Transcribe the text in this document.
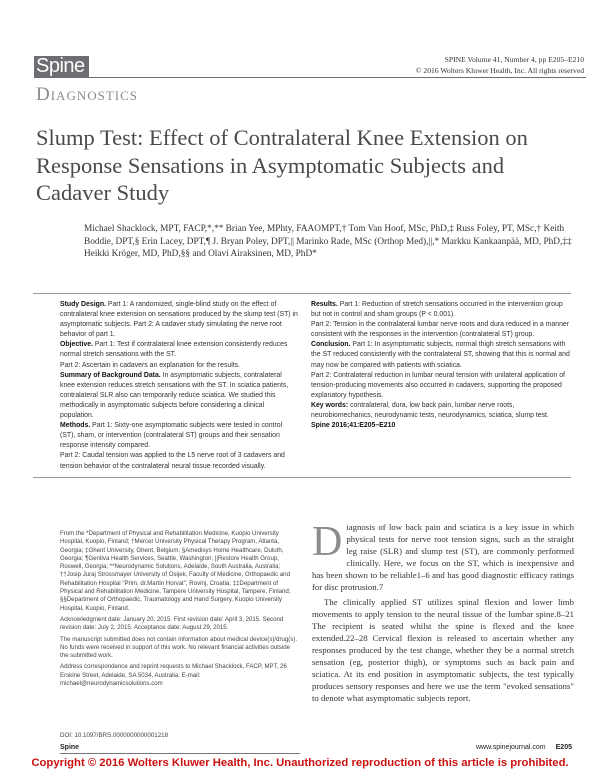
Spine
Diagnostics
SPINE Volume 41, Number 4, pp E205–E210
© 2016 Wolters Kluwer Health, Inc. All rights reserved
Slump Test: Effect of Contralateral Knee Extension on Response Sensations in Asymptomatic Subjects and Cadaver Study
Michael Shacklock, MPT, FACP,*,** Brian Yee, MPhty, FAAOMPT,† Tom Van Hoof, MSc, PhD,‡ Russ Foley, PT, MSc,† Keith Boddie, DPT,§ Erin Lacey, DPT,¶ J. Bryan Poley, DPT,|| Marinko Rade, MSc (Orthop Med),||,* Markku Kankaanpää, MD, PhD,‡‡ Heikki Kröger, MD, PhD,§§ and Olavi Airaksinen, MD, PhD*

Study Design. Part 1: A randomized, single-blind study on the effect of contralateral knee extension on sensations produced by the slump test (ST) in asymptomatic subjects. Part 2: A cadaver study simulating the nerve root behavior of part 1.

Objective. Part 1: Test if contralateral knee extension consistently reduces normal stretch sensations with the ST.

Part 2: Ascertain in cadavers an explanation for the results.

Summary of Background Data. In asymptomatic subjects, contralateral knee extension reduces stretch sensations with the ST. In sciatica patients, contralateral SLR also can temporarily reduce sciatica. We studied this methodically in asymptomatic subjects before considering a clinical population.

Methods. Part 1: Sixty-one asymptomatic subjects were tested in control (ST), sham, or intervention (contralateral ST) groups and their sensation response intensity compared.

Part 2: Caudal tension was applied to the L5 nerve root of 3 cadavers and tension behavior of the contralateral neural tissue recorded visually.

Results. Part 1: Reduction of stretch sensations occurred in the intervention group but not in control and sham groups (P < 0.001).

Part 2: Tension in the contralateral lumbar nerve roots and dura reduced in a manner consistent with the responses in the intervention (contralateral ST) group.

Conclusion. Part 1: In asymptomatic subjects, normal thigh stretch sensations with the ST reduced consistently with the contralateral ST, showing that this is normal and may now be compared with patients with sciatica.

Part 2: Contralateral reduction in lumbar neural tension with unilateral application of tension-producing movements also occurred in cadavers, supporting the proposed explanatory hypothesis.

Key words: contralateral, dura, low back pain, lumbar nerve roots, neurobiomechanics, neurodynamic tests, neurodynamics, sciatica, slump test.

Spine 2016;41:E205–E210

From the *Department of Physical and Rehabilitation Medicine, Kuopio University Hospital, Kuopio, Finland; †Mercer University Physical Therapy Program, Atlanta, Georgia; ‡Ghent University, Ghent, Belgium; §Amedisys Home Healthcare, Duluth, Georgia; ¶Gentiva Health Services, Seattle, Washington; ||Restore Health Group, Roswell, Georgia; **Neurodynamic Solutions, Adelaide, South Australia, Australia; ††Josip Juraj Strossmayer University of Osijek, Faculty of Medicine, Orthopaedic and Rehabilitation Hospital "Prim. dr.Martin Horvat", Rovinj, Croatia; ‡‡Department of Physical and Rehabilitation Medicine, Tampere University Hospital, Tampere, Finland; §§Department of Orthopaedic, Traumatology and Hand Surgery, Kuopio University Hospital, Kuopio, Finland.

Acknowledgment date: January 20, 2015. First revision date: April 3, 2015. Second revision date: July 2, 2015. Acceptance date: August 29, 2015.

The manuscript submitted does not contain information about medical device(s)/drug(s). No funds were received in support of this work. No relevant financial activities outside the submitted work.

Address correspondence and reprint requests to Michael Shacklock, FACP, MPT, 26 Erskine Street, Adelaide, SA 5034, Australia; E-mail: michael@neurodynamicsolutions.com

DOI: 10.1097/BRS.0000000000001218

Diagnosis of low back pain and sciatica is a key issue in which physical tests for nerve root tension signs, such as the straight leg raise (SLR) and slump test (ST), are commonly performed clinically. Here, we focus on the ST, which is inexpensive and has been shown to be reliable1–6 and has good diagnostic efficacy ratings for disc protrusion.7

The clinically applied ST utilizes spinal flexion and lower limb movements to apply tension to the neural tissue of the lumbar spine.8–21 The recipient is seated whilst the spine is flexed and the knee extended.22–28 Cervical flexion is released to ascertain whether any responses produced by the test change, whether they be a normal stretch sensation (eg, posterior thigh), or symptoms such as back pain and sciatica. At its end position in asymptomatic subjects, the test typically produces sensory responses and here we use the term "evoked sensations" to denote what asymptomatic subjects report.

Spine	www.spinejournal.com E205
Copyright © 2016 Wolters Kluwer Health, Inc. Unauthorized reproduction of this article is prohibited.
